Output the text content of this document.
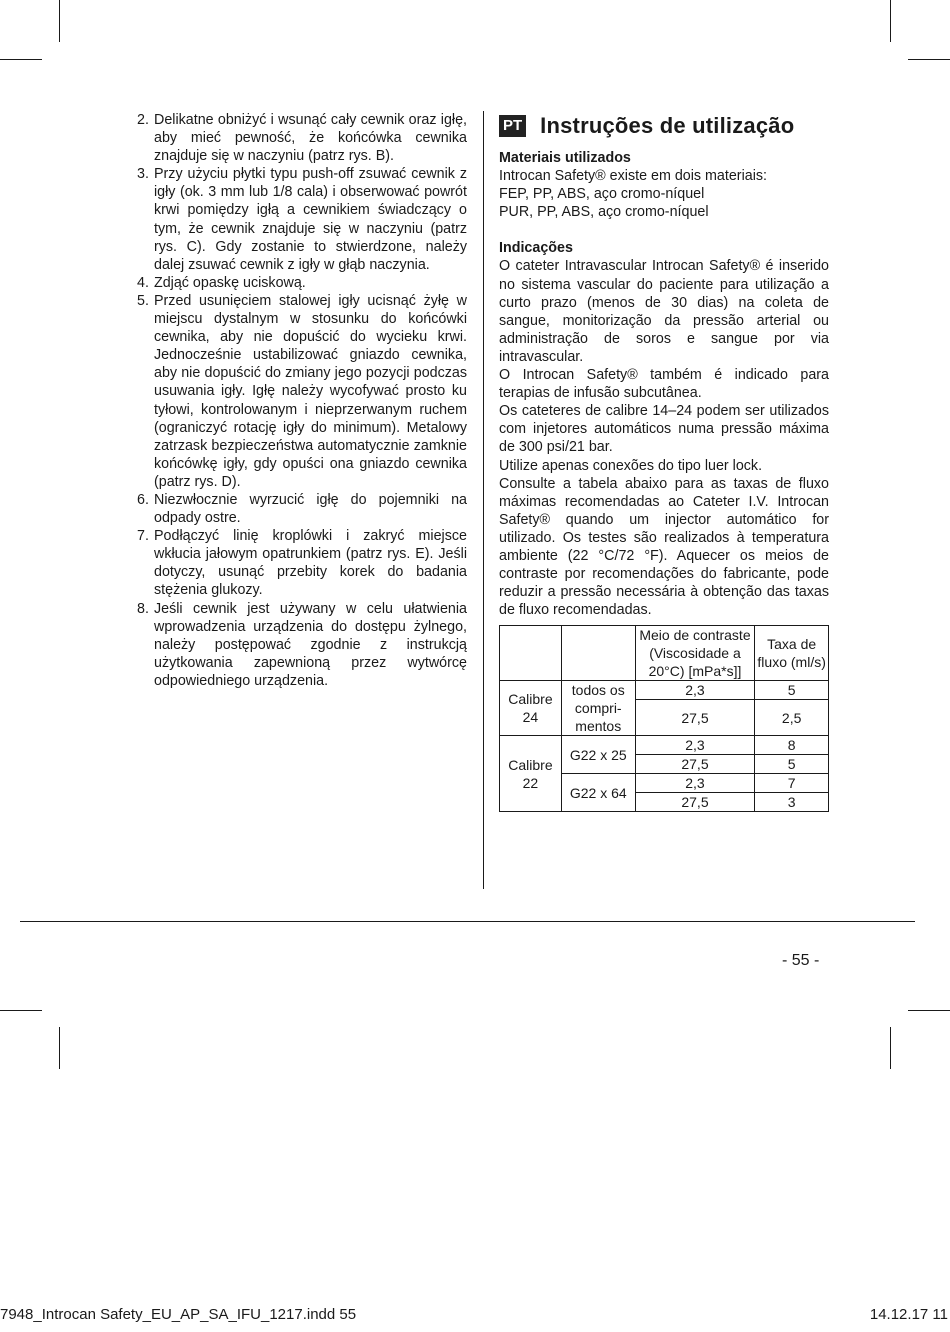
2. Delikatne obniżyć i wsunąć cały cewnik oraz igłę, aby mieć pewność, że końcówka cewnika znajduje się w naczyniu (patrz rys. B).
3. Przy użyciu płytki typu push-off zsuwać cewnik z igły (ok. 3 mm lub 1/8 cala) i obserwować powrót krwi pomiędzy igłą a cewnikiem świadczący o tym, że cewnik znajduje się w naczyniu (patrz rys. C). Gdy zostanie to stwierdzone, należy dalej zsuwać cewnik z igły w głąb naczynia.
4. Zdjąć opaskę uciskową.
5. Przed usunięciem stalowej igły ucisnąć żyłę w miejscu dystalnym w stosunku do końcówki cewnika, aby nie dopuścić do wycieku krwi. Jednocześnie ustabilizować gniazdo cewnika, aby nie dopuścić do zmiany jego pozycji podczas usuwania igły. Igłę należy wycofywać prosto ku tyłowi, kontrolowanym i nieprzerwanym ruchem (ograniczyć rotację igły do minimum). Metalowy zatrzask bezpieczeństwa automatycznie zamknie końcówkę igły, gdy opuści ona gniazdo cewnika (patrz rys. D).
6. Niezwłocznie wyrzucić igłę do pojemniki na odpady ostre.
7. Podłączyć linię kroplówki i zakryć miejsce wkłucia jałowym opatrunkiem (patrz rys. E). Jeśli dotyczy, usunąć przebity korek do badania stężenia glukozy.
8. Jeśli cewnik jest używany w celu ułatwienia wprowadzenia urządzenia do dostępu żylnego, należy postępować zgodnie z instrukcją użytkowania zapewnioną przez wytwórcę odpowiedniego urządzenia.
PT Instruções de utilização
Materiais utilizados
Introcan Safety® existe em dois materiais:
FEP, PP, ABS, aço cromo-níquel
PUR, PP, ABS, aço cromo-níquel
Indicações
O cateter Intravascular Introcan Safety® é inserido no sistema vascular do paciente para utilização a curto prazo (menos de 30 dias) na coleta de sangue, monitorização da pressão arterial ou administração de soros e sangue por via intravascular.
O Introcan Safety® também é indicado para terapias de infusão subcutânea.
Os cateteres de calibre 14–24 podem ser utilizados com injetores automáticos numa pressão máxima de 300 psi/21 bar.
Utilize apenas conexões do tipo luer lock.
Consulte a tabela abaixo para as taxas de fluxo máximas recomendadas ao Cateter I.V. Introcan Safety® quando um injector automático for utilizado. Os testes são realizados à temperatura ambiente (22 °C/72 °F). Aquecer os meios de contraste por recomendações do fabricante, pode reduzir a pressão necessária à obtenção das taxas de fluxo recomendadas.
		Meio de contraste (Viscosidade a 20°C) [mPa*s]]	Taxa de fluxo (ml/s)
Calibre 24	todos os compri-mentos	2,3	5
		27,5	2,5
Calibre 22	G22 x 25	2,3	8
		27,5	5
	G22 x 64	2,3	7
		27,5	3
- 55 -
7948_Introcan Safety_EU_AP_SA_IFU_1217.indd 55	14.12.17 11
